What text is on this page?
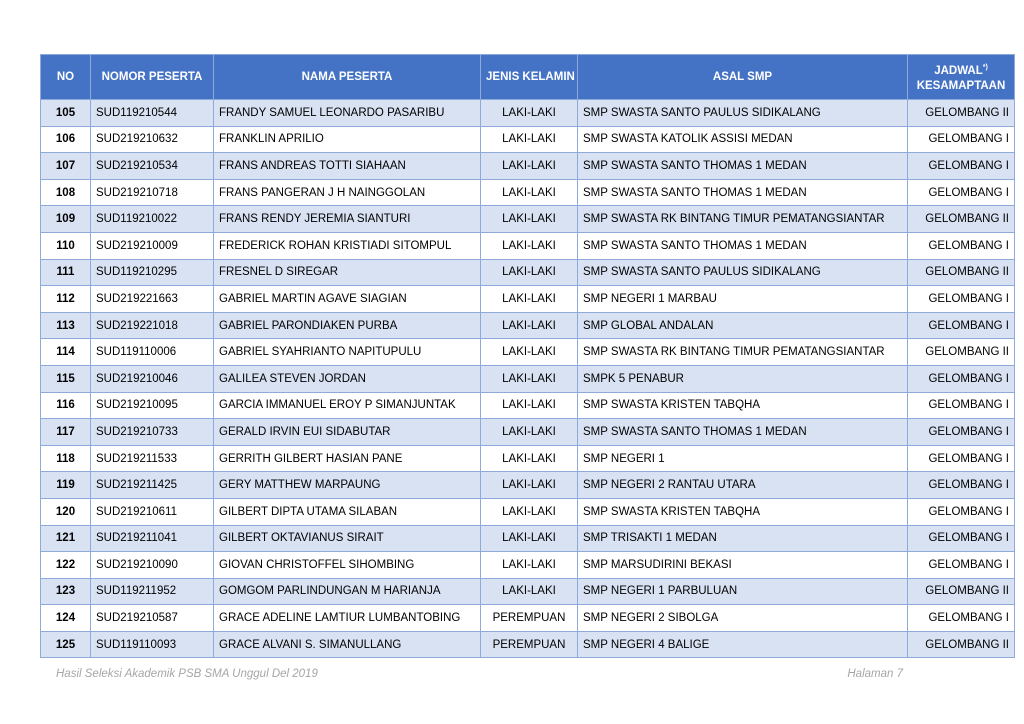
NO	NOMOR PESERTA	NAMA PESERTA	JENIS KELAMIN	ASAL SMP	JADWAL*)
KESAMAPTAAN
105	SUD119210544	FRANDY SAMUEL LEONARDO PASARIBU	LAKI-LAKI	SMP SWASTA SANTO PAULUS SIDIKALANG	GELOMBANG II
106	SUD219210632	FRANKLIN APRILIO	LAKI-LAKI	SMP SWASTA KATOLIK ASSISI MEDAN	GELOMBANG I
107	SUD219210534	FRANS ANDREAS TOTTI SIAHAAN	LAKI-LAKI	SMP SWASTA SANTO THOMAS 1 MEDAN	GELOMBANG I
108	SUD219210718	FRANS PANGERAN J H NAINGGOLAN	LAKI-LAKI	SMP SWASTA SANTO THOMAS 1 MEDAN	GELOMBANG I
109	SUD119210022	FRANS RENDY JEREMIA SIANTURI	LAKI-LAKI	SMP SWASTA RK BINTANG TIMUR PEMATANGSIANTAR	GELOMBANG II
110	SUD219210009	FREDERICK ROHAN KRISTIADI SITOMPUL	LAKI-LAKI	SMP SWASTA SANTO THOMAS 1 MEDAN	GELOMBANG I
111	SUD119210295	FRESNEL D SIREGAR	LAKI-LAKI	SMP SWASTA SANTO PAULUS SIDIKALANG	GELOMBANG II
112	SUD219221663	GABRIEL MARTIN AGAVE SIAGIAN	LAKI-LAKI	SMP NEGERI 1 MARBAU	GELOMBANG I
113	SUD219221018	GABRIEL PARONDIAKEN PURBA	LAKI-LAKI	SMP GLOBAL ANDALAN	GELOMBANG I
114	SUD119110006	GABRIEL SYAHRIANTO NAPITUPULU	LAKI-LAKI	SMP SWASTA RK BINTANG TIMUR PEMATANGSIANTAR	GELOMBANG II
115	SUD219210046	GALILEA STEVEN JORDAN	LAKI-LAKI	SMPK 5 PENABUR	GELOMBANG I
116	SUD219210095	GARCIA IMMANUEL EROY P SIMANJUNTAK	LAKI-LAKI	SMP SWASTA KRISTEN TABQHA	GELOMBANG I
117	SUD219210733	GERALD IRVIN EUI SIDABUTAR	LAKI-LAKI	SMP SWASTA SANTO THOMAS 1 MEDAN	GELOMBANG I
118	SUD219211533	GERRITH GILBERT HASIAN PANE	LAKI-LAKI	SMP NEGERI 1	GELOMBANG I
119	SUD219211425	GERY MATTHEW MARPAUNG	LAKI-LAKI	SMP NEGERI 2 RANTAU UTARA	GELOMBANG I
120	SUD219210611	GILBERT DIPTA UTAMA SILABAN	LAKI-LAKI	SMP SWASTA KRISTEN TABQHA	GELOMBANG I
121	SUD219211041	GILBERT OKTAVIANUS SIRAIT	LAKI-LAKI	SMP TRISAKTI 1 MEDAN	GELOMBANG I
122	SUD219210090	GIOVAN CHRISTOFFEL SIHOMBING	LAKI-LAKI	SMP MARSUDIRINI BEKASI	GELOMBANG I
123	SUD119211952	GOMGOM PARLINDUNGAN M HARIANJA	LAKI-LAKI	SMP NEGERI 1 PARBULUAN	GELOMBANG II
124	SUD219210587	GRACE ADELINE LAMTIUR LUMBANTOBING	PEREMPUAN	SMP NEGERI 2 SIBOLGA	GELOMBANG I
125	SUD119110093	GRACE ALVANI S. SIMANULLANG	PEREMPUAN	SMP NEGERI 4 BALIGE	GELOMBANG II
Hasil Seleksi Akademik PSB SMA Unggul Del 2019	Halaman 7
